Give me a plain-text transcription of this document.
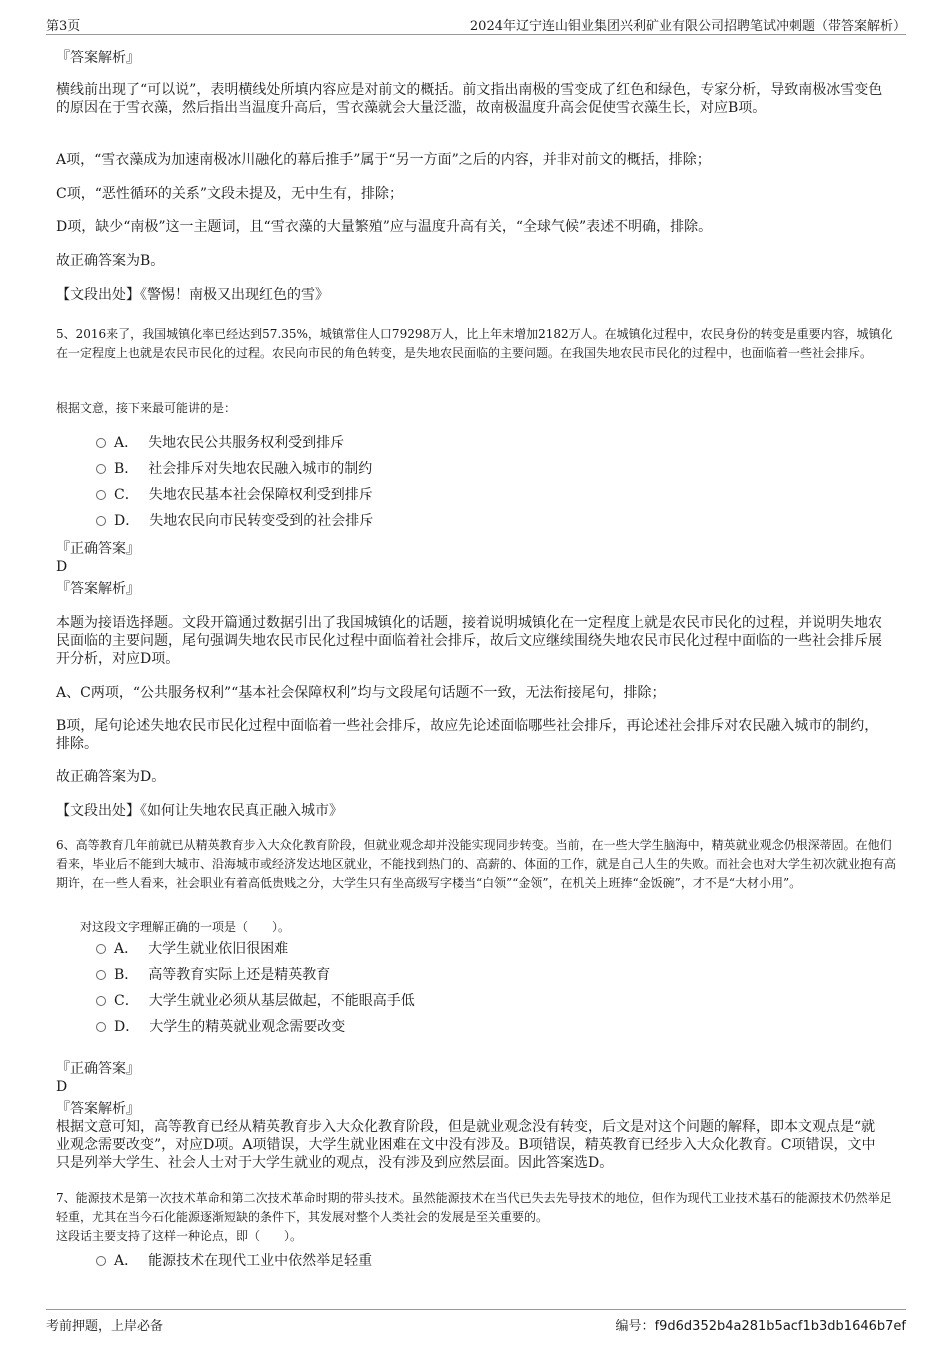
第3页	2024年辽宁连山钼业集团兴利矿业有限公司招聘笔试冲刺题（带答案解析）
『答案解析』
横线前出现了“可以说”，表明横线处所填内容应是对前文的概括。前文指出南极的雪变成了红色和绿色，专家分析，导致南极冰雪变色的原因在于雪衣藻，然后指出当温度升高后，雪衣藻就会大量泛滥，故南极温度升高会促使雪衣藻生长，对应B项。
A项，“雪衣藻成为加速南极冰川融化的幕后推手”属于“另一方面”之后的内容，并非对前文的概括，排除；
C项，“恶性循环的关系”文段未提及，无中生有，排除；
D项，缺少“南极”这一主题词，且“雪衣藻的大量繁殖”应与温度升高有关，“全球气候”表述不明确，排除。
故正确答案为B。
【文段出处】《警惕！南极又出现红色的雪》
5、2016来了，我国城镇化率已经达到57.35%，城镇常住人口79298万人，比上年末增加2182万人。在城镇化过程中，农民身份的转变是重要内容，城镇化在一定程度上也就是农民市民化的过程。农民向市民的角色转变，是失地农民面临的主要问题。在我国失地农民市民化的过程中，也面临着一些社会排斥。
根据文意，接下来最可能讲的是：
A． 失地农民公共服务权利受到排斥
B． 社会排斥对失地农民融入城市的制约
C． 失地农民基本社会保障权利受到排斥
D． 失地农民向市民转变受到的社会排斥
『正确答案』
D
『答案解析』
本题为接语选择题。文段开篇通过数据引出了我国城镇化的话题，接着说明城镇化在一定程度上就是农民市民化的过程，并说明失地农民面临的主要问题，尾句强调失地农民市民化过程中面临着社会排斥，故后文应继续围绕失地农民市民化过程中面临的一些社会排斥展开分析，对应D项。
A、C两项，“公共服务权利”“基本社会保障权利”均与文段尾句话题不一致，无法衔接尾句，排除；
B项，尾句论述失地农民市民化过程中面临着一些社会排斥，故应先论述面临哪些社会排斥，再论述社会排斥对农民融入城市的制约，排除。
故正确答案为D。
【文段出处】《如何让失地农民真正融入城市》
6、高等教育几年前就已从精英教育步入大众化教育阶段，但就业观念却并没能实现同步转变。当前，在一些大学生脑海中，精英就业观念仍根深蒂固。在他们看来，毕业后不能到大城市、沿海城市或经济发达地区就业，不能找到热门的、高薪的、体面的工作，就是自己人生的失败。而社会也对大学生初次就业抱有高期许，在一些人看来，社会职业有着高低贵贱之分，大学生只有坐高级写字楼当“白领”“金领”，在机关上班捧“金饭碗”，才不是“大材小用”。
对这段文字理解正确的一项是（　　）。
A． 大学生就业依旧很困难
B． 高等教育实际上还是精英教育
C． 大学生就业必须从基层做起，不能眼高手低
D． 大学生的精英就业观念需要改变
『正确答案』
D
『答案解析』
根据文意可知，高等教育已经从精英教育步入大众化教育阶段，但是就业观念没有转变，后文是对这个问题的解释，即本文观点是“就业观念需要改变”，对应D项。A项错误，大学生就业困难在文中没有涉及。B项错误，精英教育已经步入大众化教育。C项错误，文中只是列举大学生、社会人士对于大学生就业的观点，没有涉及到应然层面。因此答案选D。
7、能源技术是第一次技术革命和第二次技术革命时期的带头技术。虽然能源技术在当代已失去先导技术的地位，但作为现代工业技术基石的能源技术仍然举足轻重，尤其在当今石化能源逐渐短缺的条件下，其发展对整个人类社会的发展是至关重要的。
这段话主要支持了这样一种论点，即（　　）。
A． 能源技术在现代工业中依然举足轻重
考前押题，上岸必备	编号：f9d6d352b4a281b5acf1b3db1646b7ef
